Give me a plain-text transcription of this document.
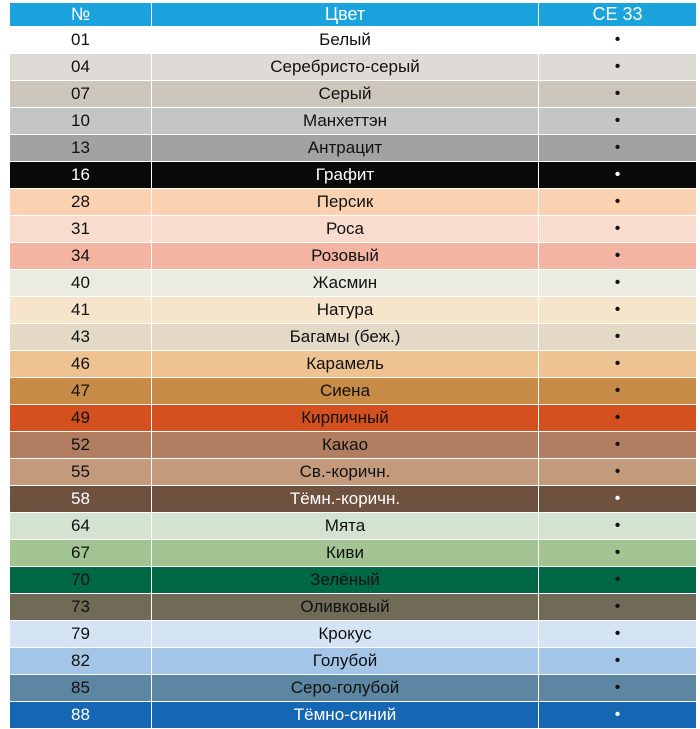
№	Цвет	CE 33
01	Белый	•
04	Серебристо-серый	•
07	Серый	•
10	Манхеттэн	•
13	Антрацит	•
16	Графит	•
28	Персик	•
31	Роса	•
34	Розовый	•
40	Жасмин	•
41	Натура	•
43	Багамы (беж.)	•
46	Карамель	•
47	Сиена	•
49	Кирпичный	•
52	Какао	•
55	Св.-коричн.	•
58	Тёмн.-коричн.	•
64	Мята	•
67	Киви	•
70	Зелёный	•
73	Оливковый	•
79	Крокус	•
82	Голубой	•
85	Серо-голубой	•
88	Тёмно-синий	•
